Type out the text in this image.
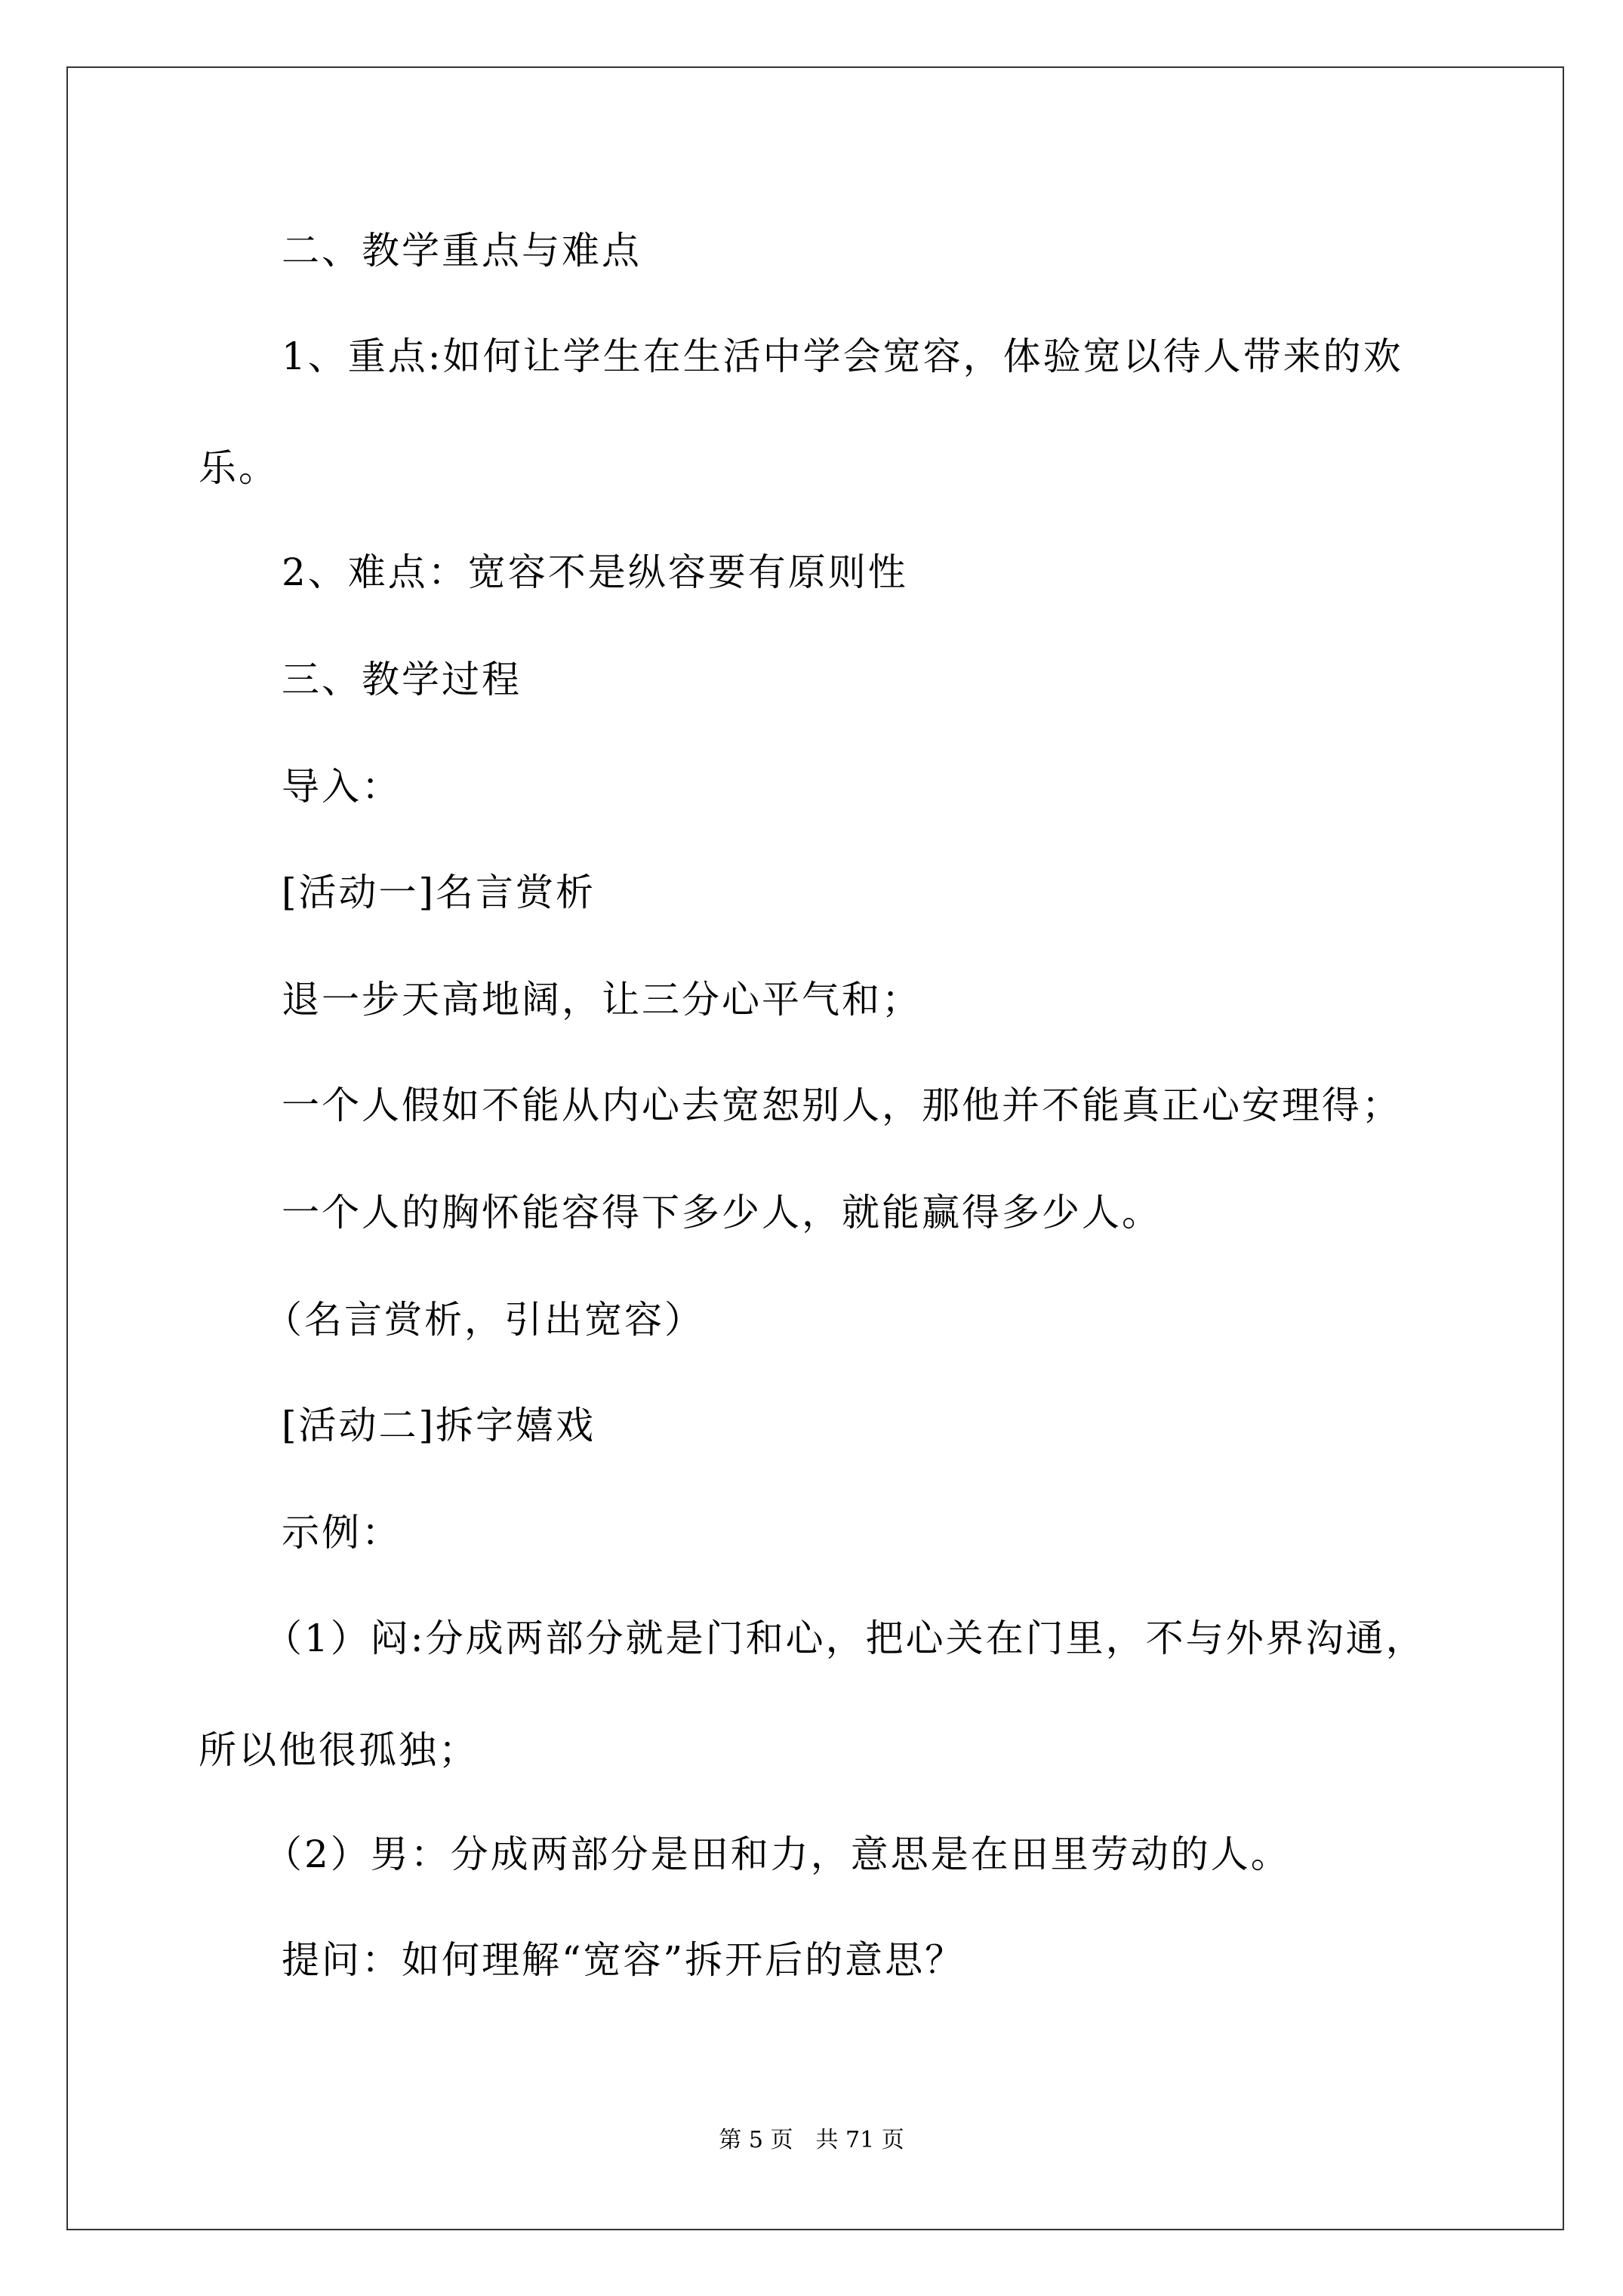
二、教学重点与难点
1、重点:如何让学生在生活中学会宽容，体验宽以待人带来的欢
乐。
2、难点：宽容不是纵容要有原则性
三、教学过程
导入：
[活动一]名言赏析
退一步天高地阔，让三分心平气和；
一个人假如不能从内心去宽恕别人，那他并不能真正心安理得；
一个人的胸怀能容得下多少人，就能赢得多少人。
（名言赏析，引出宽容）
[活动二]拆字嬉戏
示例：
（1）闷:分成两部分就是门和心，把心关在门里，不与外界沟通，
所以他很孤独；
（2）男：分成两部分是田和力，意思是在田里劳动的人。
提问：如何理解“宽容”拆开后的意思？
第 5 页　共 71 页
